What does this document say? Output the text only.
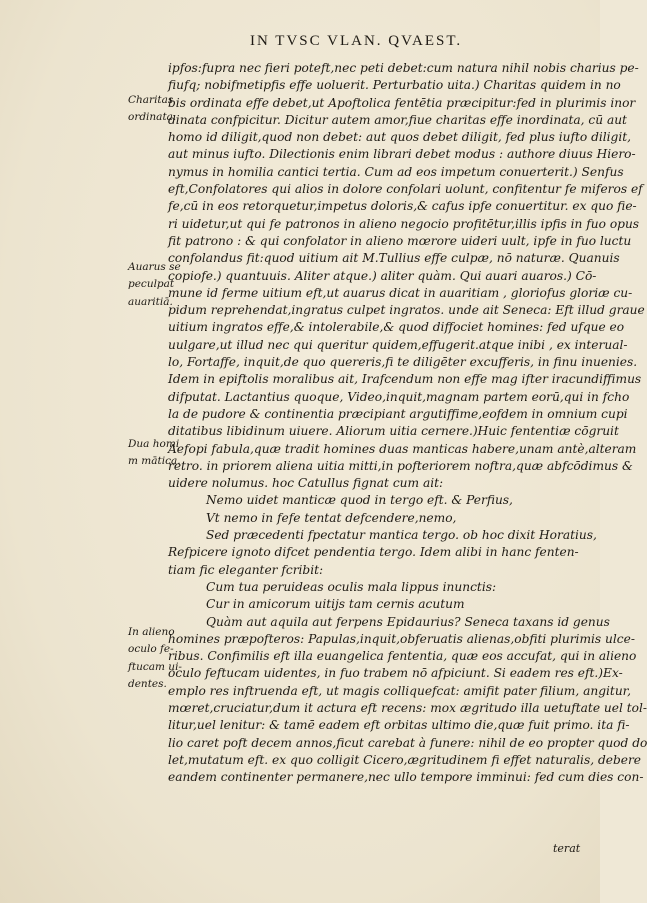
IN TVSC VLAN. QVAEST.
Charitas
ordinata.
Auarus se
peculpat
auaritiā.
Dua homi
m mātica.
In alieno
oculo fe-
ftucam ui-
dentes.
ipfos:fupra nec fieri poteft,nec peti debet:cum natura nihil nobis charius pe-
fiufq; nobifmetipfis effe uoluerit. Perturbatio uita.) Charitas quidem in no
bis ordinata effe debet,ut Apoftolica fentētia præcipitur:fed in plurimis inor
dinata confpicitur. Dicitur autem amor,fiue charitas effe inordinata, cū aut
homo id diligit,quod non debet: aut quos debet diligit, fed plus iufto diligit,
aut minus iufto. Dilectionis enim librari debet modus : authore diuus Hiero-
nymus in homilia cantici tertia. Cum ad eos impetum conuerterit.) Senfus
eft,Confolatores qui alios in dolore confolari uolunt, confitentur fe miferos ef
fe,cū in eos retorquetur,impetus doloris,& cafus ipfe conuertitur. ex quo fie-
ri uidetur,ut qui fe patronos in alieno negocio profitētur,illis ipfis in fuo opus
fit patrono : & qui confolator in alieno mœrore uideri uult, ipfe in fuo luctu
confolandus fit:quod uitium ait M.Tullius effe culpæ, nō naturæ. Quanuis
copiofe.) quantuuis. Aliter atque.) aliter quàm. Qui auari auaros.) Cō-
mune id ferme uitium eft,ut auarus dicat in auaritiam , gloriofus gloriæ cu-
pidum reprehendat,ingratus culpet ingratos. unde ait Seneca: Eft illud graue
uitium ingratos effe,& intolerabile,& quod diffociet homines: fed ufque eo
uulgare,ut illud nec qui queritur quidem,effugerit.atque inibi , ex interual-
lo, Fortaffe, inquit,de quo quereris,fi te diligēter excufferis, in finu inuenies.
Idem in epiftolis moralibus ait, Irafcendum non effe mag ifter iracundiffimus
difputat. Lactantius quoque, Video,inquit,magnam partem eorū,qui in fcho
la de pudore & continentia præcipiant argutiffime,eofdem in omnium cupi
ditatibus libidinum uiuere. Aliorum uitia cernere.)Huic fententiæ cōgruit
Aefopi fabula,quæ tradit homines duas manticas habere,unam antè,alteram
retro. in priorem aliena uitia mitti,in pofteriorem noftra,quæ abfcōdimus &
uidere nolumus. hoc Catullus fignat cum ait:
Nemo uidet manticæ quod in tergo eft. & Perfius,
Vt nemo in fefe tentat defcendere,nemo,
Sed præcedenti fpectatur mantica tergo. ob hoc dixit Horatius,
Refpicere ignoto difcet pendentia tergo. Idem alibi in hanc fenten-
tiam fic eleganter fcribit:
Cum tua peruideas oculis mala lippus inunctis:
Cur in amicorum uitijs tam cernis acutum
Quàm aut aquila aut ferpens Epidaurius? Seneca taxans id genus
homines præpofteros: Papulas,inquit,obferuatis alienas,obfiti plurimis ulce-
ribus. Confimilis eft illa euangelica fententia, quæ eos accufat, qui in alieno
oculo feftucam uidentes, in fuo trabem nō afpiciunt. Si eadem res eft.)Ex-
emplo res inftruenda eft, ut magis colliquefcat: amifit pater filium, angitur,
mœret,cruciatur,dum it actura eft recens: mox ægritudo illa uetuftate uel tol-
litur,uel lenitur: & tamē eadem eft orbitas ultimo die,quæ fuit primo. ita fi-
lio caret poft decem annos,ficut carebat à funere: nihil de eo propter quod do
let,mutatum eft. ex quo colligit Cicero,ægritudinem fi effet naturalis, debere
eandem continenter permanere,nec ullo tempore imminui: fed cum dies con-
terat
